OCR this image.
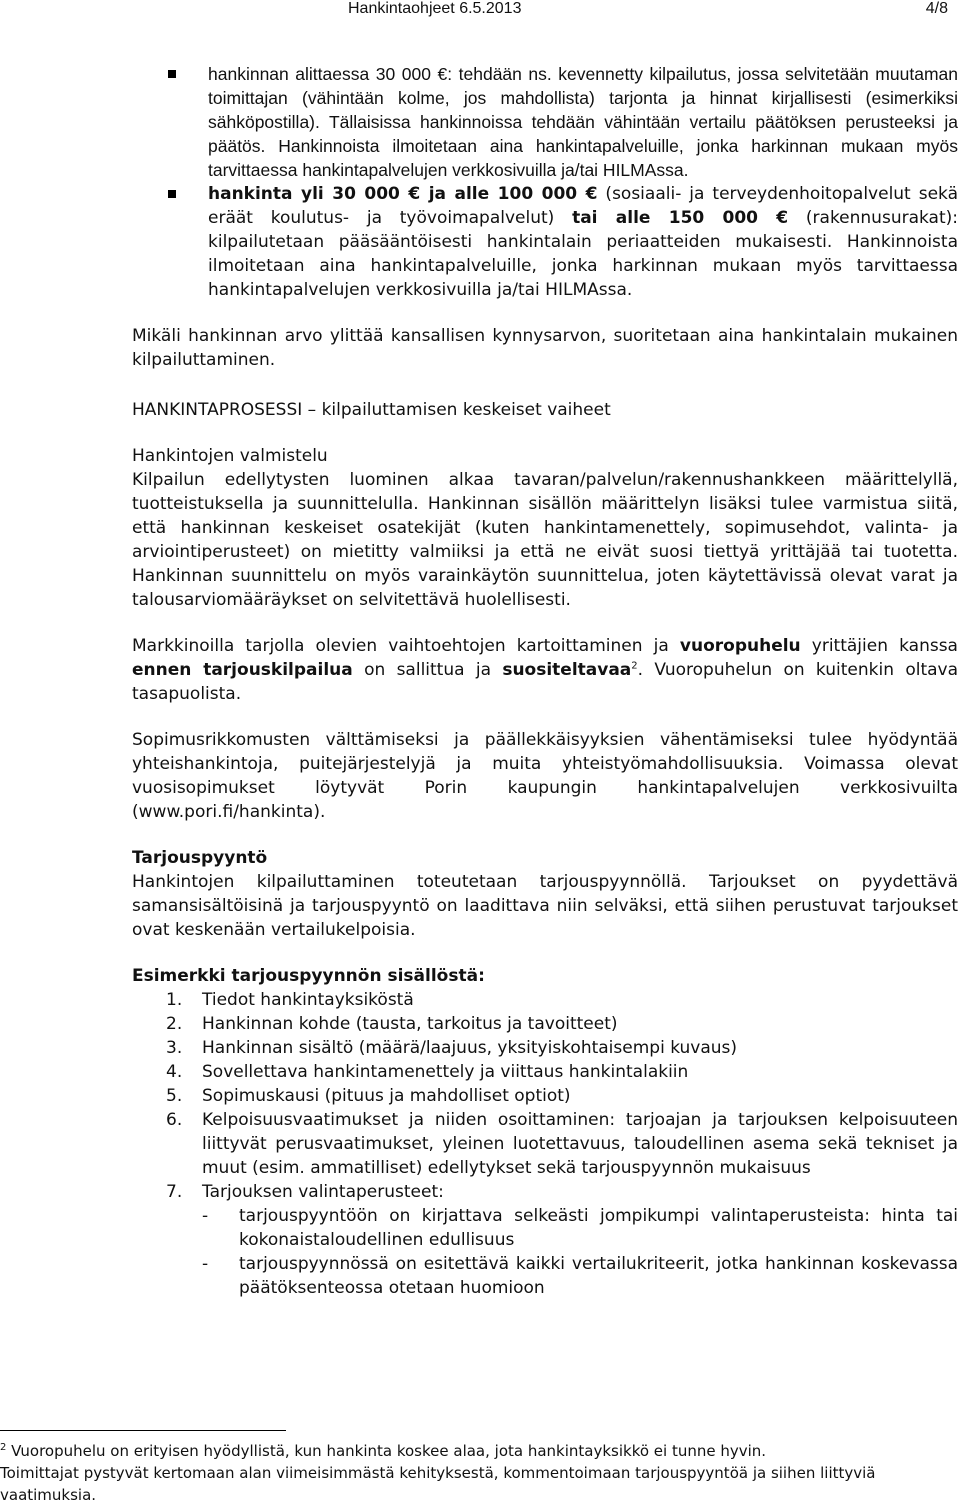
Hankintaohjeet 6.5.2013	4/8
hankinnan alittaessa 30 000 €: tehdään ns. kevennetty kilpailutus, jossa selvitetään muutaman toimittajan (vähintään kolme, jos mahdollista) tarjonta ja hinnat kirjallisesti (esimerkiksi sähköpostilla). Tällaisissa hankinnoissa tehdään vähintään vertailu päätöksen perusteeksi ja päätös. Hankinnoista ilmoitetaan aina hankintapalveluille, jonka harkinnan mukaan myös tarvittaessa hankintapalvelujen verkkosivuilla ja/tai HILMAssa.
hankinta yli 30 000 € ja alle 100 000 € (sosiaali- ja terveydenhoitopalvelut sekä eräät koulutus- ja työvoimapalvelut) tai alle 150 000 € (rakennusurakat): kilpailutetaan pääsääntöisesti hankintalain periaatteiden mukaisesti. Hankinnoista ilmoitetaan aina hankintapalveluille, jonka harkinnan mukaan myös tarvittaessa hankintapalvelujen verkkosivuilla ja/tai HILMAssa.

Mikäli hankinnan arvo ylittää kansallisen kynnysarvon, suoritetaan aina hankintalain mukainen kilpailuttaminen.

HANKINTAPROSESSI – kilpailuttamisen keskeiset vaiheet

Hankintojen valmistelu

Kilpailun edellytysten luominen alkaa tavaran/palvelun/rakennushankkeen määrittelyllä, tuotteistuksella ja suunnittelulla. Hankinnan sisällön määrittelyn lisäksi tulee varmistua siitä, että hankinnan keskeiset osatekijät (kuten hankintamenettely, sopimusehdot, valinta- ja arviointiperusteet) on mietitty valmiiksi ja että ne eivät suosi tiettyä yrittäjää tai tuotetta. Hankinnan suunnittelu on myös varainkäytön suunnittelua, joten käytettävissä olevat varat ja talousarviomääräykset on selvitettävä huolellisesti.

Markkinoilla tarjolla olevien vaihtoehtojen kartoittaminen ja vuoropuhelu yrittäjien kanssa ennen tarjouskilpailua on sallittua ja suositeltavaa$^2$. Vuoropuhelun on kuitenkin oltava tasapuolista.

Sopimusrikkomusten välttämiseksi ja päällekkäisyyksien vähentämiseksi tulee hyödyntää yhteishankintoja, puitejärjestelyjä ja muita yhteistyömahdollisuuksia. Voimassa olevat vuosisopimukset löytyvät Porin kaupungin hankintapalvelujen verkkosivuilta (www.pori.fi/hankinta).

Tarjouspyyntö

Hankintojen kilpailuttaminen toteutetaan tarjouspyynnöllä. Tarjoukset on pyydettävä samansisältöisinä ja tarjouspyyntö on laadittava niin selväksi, että siihen perustuvat tarjoukset ovat keskenään vertailukelpoisia.

Esimerkki tarjouspyynnön sisällöstä:

1. Tiedot hankintayksiköstä
2. Hankinnan kohde (tausta, tarkoitus ja tavoitteet)
3. Hankinnan sisältö (määrä/laajuus, yksityiskohtaisempi kuvaus)
4. Sovellettava hankintamenettely ja viittaus hankintalakiin
5. Sopimuskausi (pituus ja mahdolliset optiot)
6. Kelpoisuusvaatimukset ja niiden osoittaminen: tarjoajan ja tarjouksen kelpoisuuteen liittyvät perusvaatimukset, yleinen luotettavuus, taloudellinen asema sekä tekniset ja muut (esim. ammatilliset) edellytykset sekä tarjouspyynnön mukaisuus
7. Tarjouksen valintaperusteet:
- tarjouspyyntöön on kirjattava selkeästi jompikumpi valintaperusteista: hinta tai kokonaistaloudellinen edullisuus
- tarjouspyynnössä on esitettävä kaikki vertailukriteerit, jotka hankinnan koskevassa päätöksenteossa otetaan huomioon
$^2$ Vuoropuhelu on erityisen hyödyllistä, kun hankinta koskee alaa, jota hankintayksikkö ei tunne hyvin.
Toimittajat pystyvät kertomaan alan viimeisimmästä kehityksestä, kommentoimaan tarjouspyyntöä ja siihen liittyviä vaatimuksia.
